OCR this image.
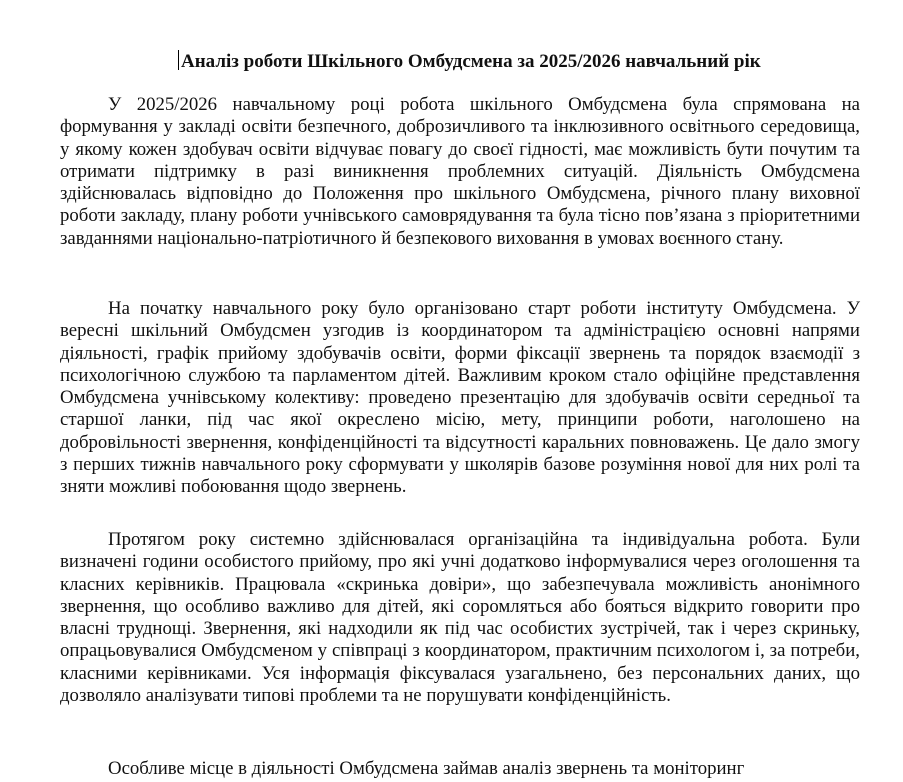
Аналіз роботи Шкільного Омбудсмена за 2025/2026 навчальний рік

У 2025/2026 навчальному році робота шкільного Омбудсмена була спрямована на формування у закладі освіти безпечного, доброзичливого та інклюзивного освітнього середовища, у якому кожен здобувач освіти відчуває повагу до своєї гідності, має можливість бути почутим та отримати підтримку в разі виникнення проблемних ситуацій. Діяльність Омбудсмена здійснювалась відповідно до Положення про шкільного Омбудсмена, річного плану виховної роботи закладу, плану роботи учнівського самоврядування та була тісно пов’язана з пріоритетними завданнями національно-патріотичного й безпекового виховання в умовах воєнного стану.

На початку навчального року було організовано старт роботи інституту Омбудсмена. У вересні шкільний Омбудсмен узгодив із координатором та адміністрацією основні напрями діяльності, графік прийому здобувачів освіти, форми фіксації звернень та порядок взаємодії з психологічною службою та парламентом дітей. Важливим кроком стало офіційне представлення Омбудсмена учнівському колективу: проведено презентацію для здобувачів освіти середньої та старшої ланки, під час якої окреслено місію, мету, принципи роботи, наголошено на добровільності звернення, конфіденційності та відсутності каральних повноважень. Це дало змогу з перших тижнів навчального року сформувати у школярів базове розуміння нової для них ролі та зняти можливі побоювання щодо звернень.

Протягом року системно здійснювалася організаційна та індивідуальна робота. Були визначені години особистого прийому, про які учні додатково інформувалися через оголошення та класних керівників. Працювала «скринька довіри», що забезпечувала можливість анонімного звернення, що особливо важливо для дітей, які соромляться або бояться відкрито говорити про власні труднощі. Звернення, які надходили як під час особистих зустрічей, так і через скриньку, опрацьовувалися Омбудсменом у співпраці з координатором, практичним психологом і, за потреби, класними керівниками. Уся інформація фіксувалася узагальнено, без персональних даних, що дозволяло аналізувати типові проблеми та не порушувати конфіденційність.

Особливе місце в діяльності Омбудсмена займав аналіз звернень та моніторинг
